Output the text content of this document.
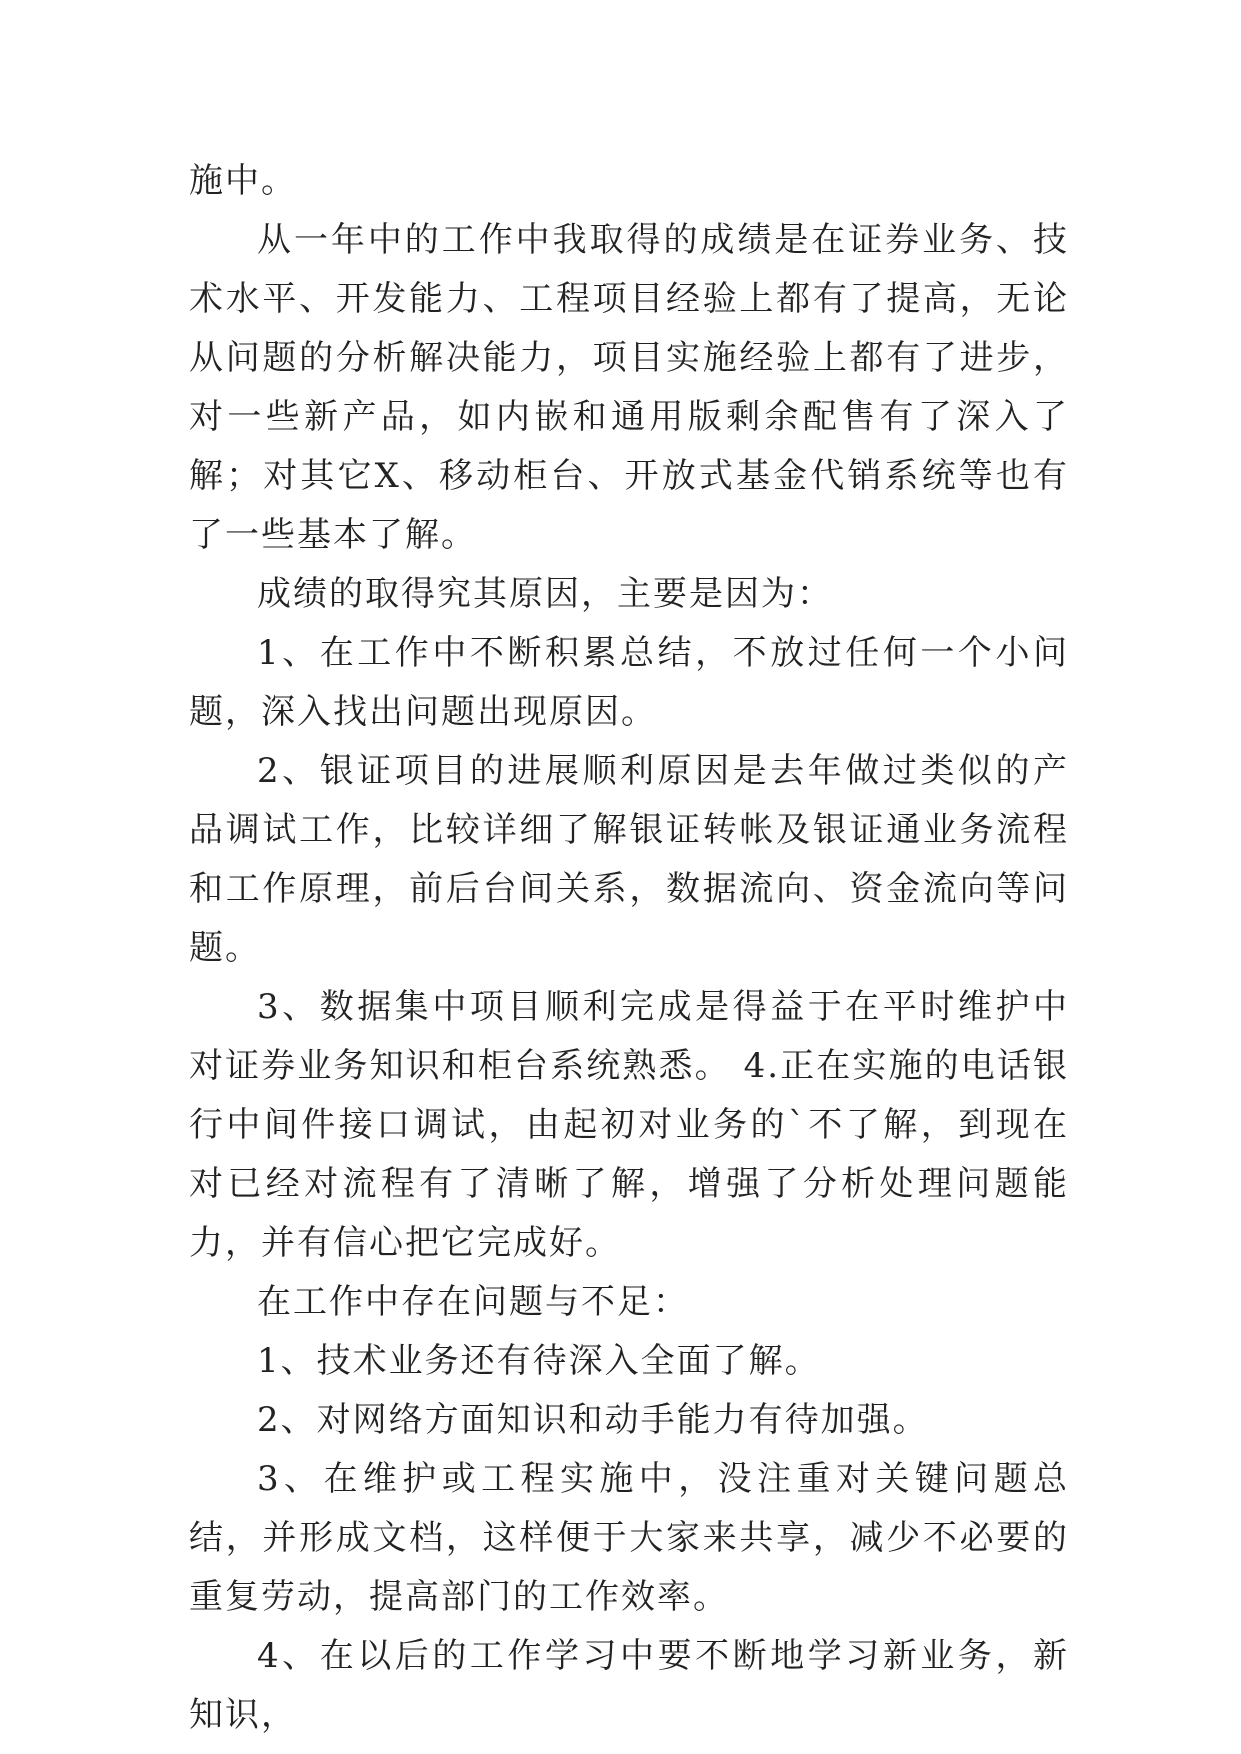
施中。

从一年中的工作中我取得的成绩是在证券业务、技术水平、开发能力、工程项目经验上都有了提高，无论从问题的分析解决能力，项目实施经验上都有了进步，对一些新产品，如内嵌和通用版剩余配售有了深入了解；对其它X、移动柜台、开放式基金代销系统等也有了一些基本了解。

成绩的取得究其原因，主要是因为：

1、在工作中不断积累总结，不放过任何一个小问题，深入找出问题出现原因。

2、银证项目的进展顺利原因是去年做过类似的产品调试工作，比较详细了解银证转帐及银证通业务流程和工作原理，前后台间关系，数据流向、资金流向等问题。

3、数据集中项目顺利完成是得益于在平时维护中对证券业务知识和柜台系统熟悉。 4.正在实施的电话银行中间件接口调试，由起初对业务的`不了解，到现在对已经对流程有了清晰了解，增强了分析处理问题能力，并有信心把它完成好。

在工作中存在问题与不足：

1、技术业务还有待深入全面了解。

2、对网络方面知识和动手能力有待加强。

3、在维护或工程实施中，没注重对关键问题总结，并形成文档，这样便于大家来共享，减少不必要的重复劳动，提高部门的工作效率。

4、在以后的工作学习中要不断地学习新业务，新知识，
